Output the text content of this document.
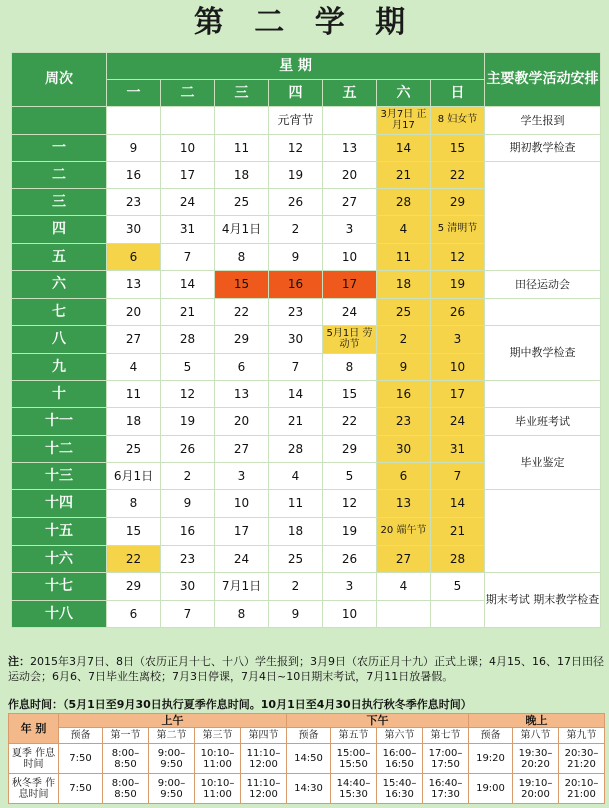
第 二 学 期
周次	星 期							主要教学活动安排
	一	二	三	四	五	六	日	
				元宵节		3月7日 正月17	8 妇女节	学生报到
一	9	10	11	12	13	14	15	期初教学检查
二	16	17	18	19	20	21	22	
三	23	24	25	26	27	28	29	
四	30	31	4月1日	2	3	4	5 清明节	
五	6	7	8	9	10	11	12	
六	13	14	15	16	17	18	19	田径运动会
七	20	21	22	23	24	25	26	
八	27	28	29	30	5月1日 劳动节	2	3	期中教学检查
九	4	5	6	7	8	9	10	
十	11	12	13	14	15	16	17	
十一	18	19	20	21	22	23	24	毕业班考试
十二	25	26	27	28	29	30	31	毕业鉴定
十三	6月1日	2	3	4	5	6	7	
十四	8	9	10	11	12	13	14	
十五	15	16	17	18	19	20 端午节	21	
十六	22	23	24	25	26	27	28	
十七	29	30	7月1日	2	3	4	5	期末考试 期末教学检查
十八	6	7	8	9	10			
注：2015年3月7日、8日（农历正月十七、十八）学生报到；3月9日（农历正月十九）正式上课；4月15、16、17日田径运动会；6月6、7日毕业生离校；7月3日停课，7月4日~10日期末考试，7月11日放暑假。
作息时间：（5月1日至9月30日执行夏季作息时间。10月1日至4月30日执行秋冬季作息时间）
年 别	上午					下午				晚上		
	预备	第一节	第二节	第三节	第四节	预备	第五节	第六节	第七节	预备	第八节	第九节
夏季 作息时间	7:50	8:00– 8:50	9:00– 9:50	10:10– 11:00	11:10– 12:00	14:50	15:00– 15:50	16:00– 16:50	17:00– 17:50	19:20	19:30– 20:20	20:30– 21:20
秋冬季 作息时间	7:50	8:00– 8:50	9:00– 9:50	10:10– 11:00	11:10– 12:00	14:30	14:40– 15:30	15:40– 16:30	16:40– 17:30	19:00	19:10– 20:00	20:10– 21:00
